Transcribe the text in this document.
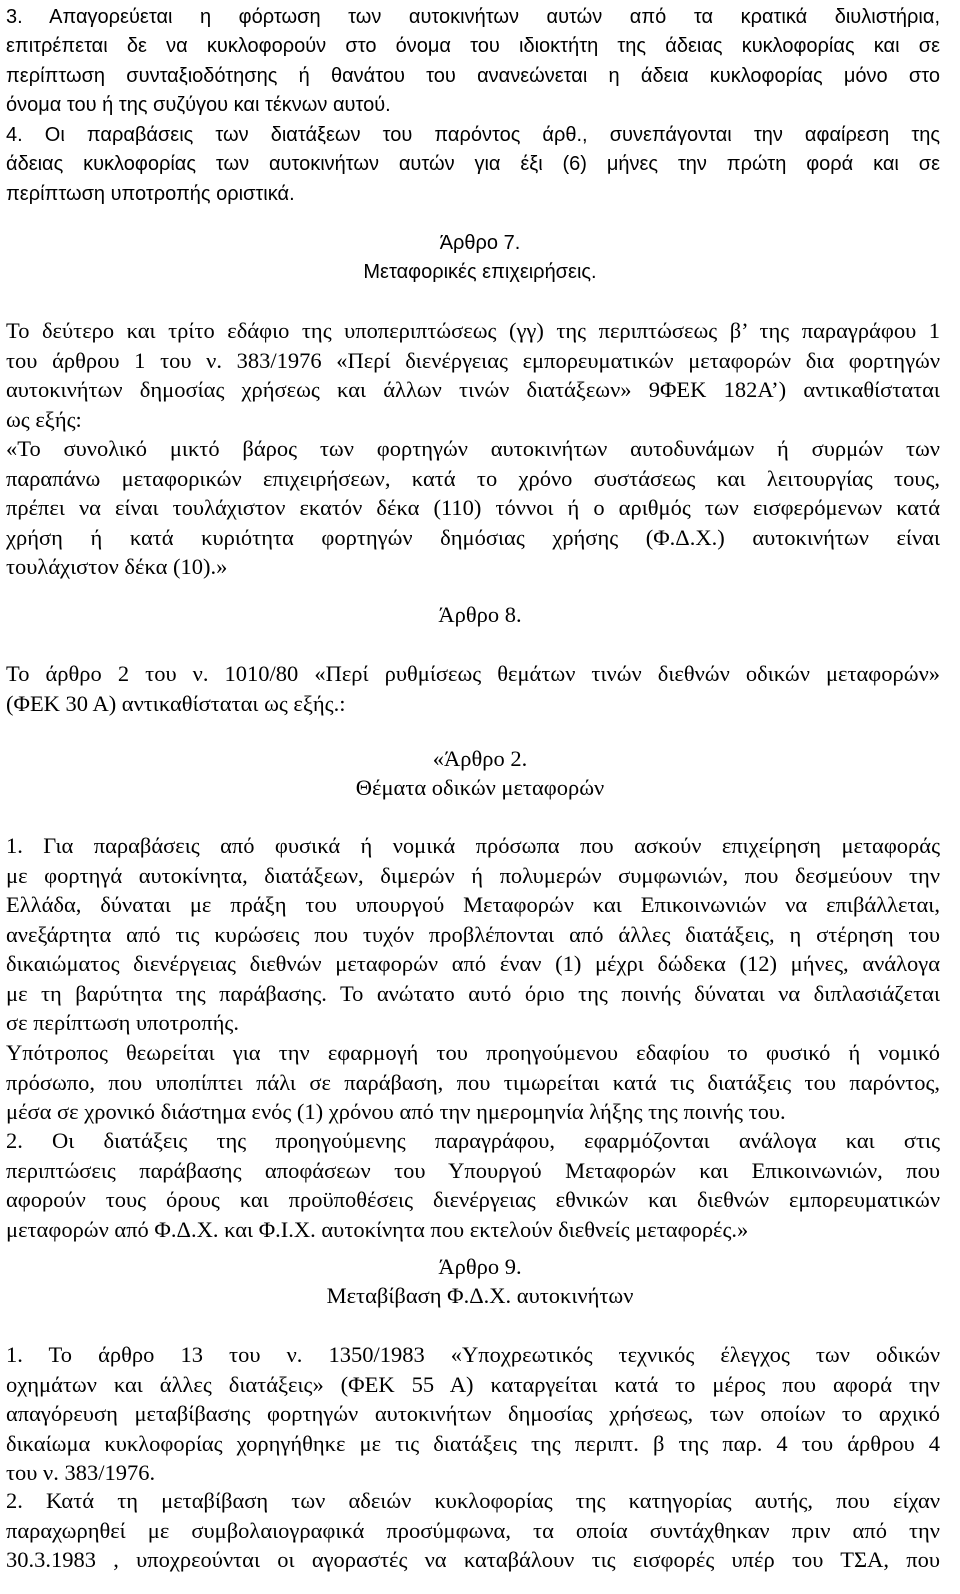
3. Απαγορεύεται η φόρτωση των αυτοκινήτων αυτών από τα κρατικά διυλιστήρια,
επιτρέπεται δε να κυκλοφορούν στο όνομα του ιδιοκτήτη της άδειας κυκλοφορίας και σε
περίπτωση συνταξιοδότησης ή θανάτου του ανανεώνεται η άδεια κυκλοφορίας μόνο στο
όνομα του ή της συζύγου και τέκνων αυτού.
4. Οι παραβάσεις των διατάξεων του παρόντος άρθ., συνεπάγονται την αφαίρεση της
άδειας κυκλοφορίας των αυτοκινήτων αυτών για έξι (6) μήνες την πρώτη φορά και σε
περίπτωση υποτροπής οριστικά.
Άρθρο 7.
Μεταφορικές επιχειρήσεις.
Το δεύτερο και τρίτο εδάφιο της υποπεριπτώσεως (γγ) της περιπτώσεως β’ της παραγράφου 1
του άρθρου 1 του ν. 383/1976 «Περί διενέργειας εμπορευματικών μεταφορών δια φορτηγών
αυτοκινήτων δημοσίας χρήσεως και άλλων τινών διατάξεων» 9ΦΕΚ 182Α’) αντικαθίσταται
ως εξής:
«Το συνολικό μικτό βάρος των φορτηγών αυτοκινήτων αυτοδυνάμων ή συρμών των
παραπάνω μεταφορικών επιχειρήσεων, κατά το χρόνο συστάσεως και λειτουργίας τους,
πρέπει να είναι τουλάχιστον εκατόν δέκα (110) τόννοι ή ο αριθμός των εισφερόμενων κατά
χρήση ή κατά κυριότητα φορτηγών δημόσιας χρήσης (Φ.Δ.Χ.) αυτοκινήτων είναι
τουλάχιστον δέκα (10).»
Άρθρο 8.
Το άρθρο 2 του ν. 1010/80 «Περί ρυθμίσεως θεμάτων τινών διεθνών οδικών μεταφορών»
(ΦΕΚ 30 Α) αντικαθίσταται ως εξής.:
«Άρθρο 2.
Θέματα οδικών μεταφορών
1. Για παραβάσεις από φυσικά ή νομικά πρόσωπα που ασκούν επιχείρηση μεταφοράς
με φορτηγά αυτοκίνητα, διατάξεων, διμερών ή πολυμερών συμφωνιών, που δεσμεύουν την
Ελλάδα, δύναται με πράξη του υπουργού Μεταφορών και Επικοινωνιών να επιβάλλεται,
ανεξάρτητα από τις κυρώσεις που τυχόν προβλέπονται από άλλες διατάξεις, η στέρηση του
δικαιώματος διενέργειας διεθνών μεταφορών από έναν (1) μέχρι δώδεκα (12) μήνες, ανάλογα
με τη βαρύτητα της παράβασης. Το ανώτατο αυτό όριο της ποινής δύναται να διπλασιάζεται
σε περίπτωση υποτροπής.
Υπότροπος θεωρείται για την εφαρμογή του προηγούμενου εδαφίου το φυσικό ή νομικό
πρόσωπο, που υποπίπτει πάλι σε παράβαση, που τιμωρείται κατά τις διατάξεις του παρόντος,
μέσα σε χρονικό διάστημα ενός (1) χρόνου από την ημερομηνία λήξης της ποινής του.
2. Οι διατάξεις της προηγούμενης παραγράφου, εφαρμόζονται ανάλογα και στις
περιπτώσεις παράβασης αποφάσεων του Υπουργού Μεταφορών και Επικοινωνιών, που
αφορούν τους όρους και προϋποθέσεις διενέργειας εθνικών και διεθνών εμπορευματικών
μεταφορών από Φ.Δ.Χ. και Φ.Ι.Χ. αυτοκίνητα που εκτελούν διεθνείς μεταφορές.»
Άρθρο 9.
Μεταβίβαση Φ.Δ.Χ. αυτοκινήτων
1. Το άρθρο 13 του ν. 1350/1983 «Υποχρεωτικός τεχνικός έλεγχος των οδικών
οχημάτων και άλλες διατάξεις» (ΦΕΚ 55 Α) καταργείται κατά το μέρος που αφορά την
απαγόρευση μεταβίβασης φορτηγών αυτοκινήτων δημοσίας χρήσεως, των οποίων το αρχικό
δικαίωμα κυκλοφορίας χορηγήθηκε με τις διατάξεις της περιπτ. β της παρ. 4 του άρθρου 4
του ν. 383/1976.
2. Κατά τη μεταβίβαση των αδειών κυκλοφορίας της κατηγορίας αυτής, που είχαν
παραχωρηθεί με συμβολαιογραφικά προσύμφωνα, τα οποία συντάχθηκαν πριν από την
30.3.1983 , υποχρεούνται οι αγοραστές να καταβάλουν τις εισφορές υπέρ του ΤΣΑ, που
